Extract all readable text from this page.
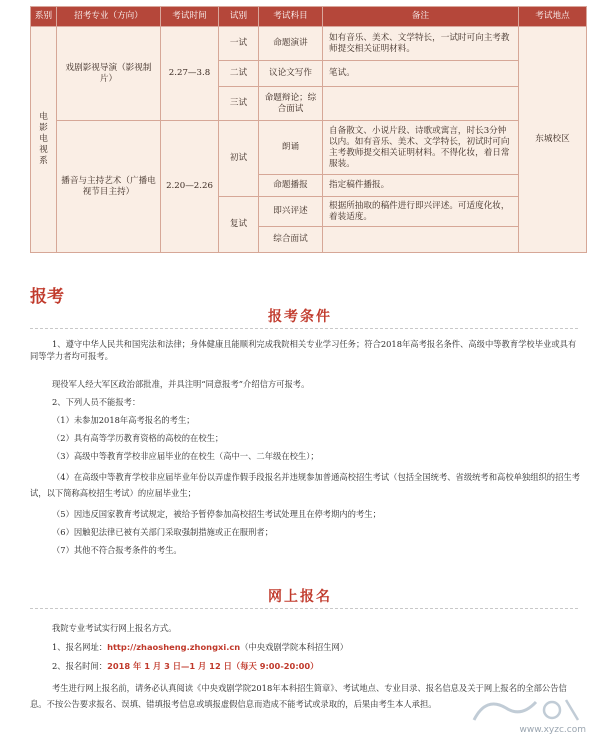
系别	招考专业（方向）	考试时间	试别	考试科目	备注	考试地点
电影电视系	戏剧影视导演（影视制片）	2.27—3.8	一试	命题演讲	如有音乐、美术、文学特长，一试时可向主考教师提交相关证明材料。	东城校区
			二试	议论文写作	笔试。	
			三试	命题辩论；综合面试		
	播音与主持艺术（广播电视节目主持）	2.20—2.26	初试	朗诵	自备散文、小说片段、诗歌或寓言，时长3分钟以内。如有音乐、美术、文学特长，初试时可向主考教师提交相关证明材料。不得化妆，着日常服装。	
				命题播报	指定稿件播报。	
			复试	即兴评述	根据所抽取的稿件进行即兴评述。可适度化妆，着装适度。	
				综合面试		
报考
报考条件
1、遵守中华人民共和国宪法和法律；身体健康且能顺利完成我院相关专业学习任务；符合2018年高考报名条件、高级中等教育学校毕业或具有同等学力者均可报考。
现役军人经大军区政治部批准，并具注明“同意报考”介绍信方可报考。
2、下列人员不能报考：
（1）未参加2018年高考报名的考生；
（2）具有高等学历教育资格的高校的在校生；
（3）高级中等教育学校非应届毕业的在校生（高中一、二年级在校生）；
（4）在高级中等教育学校非应届毕业年份以弄虚作假手段报名并违规参加普通高校招生考试（包括全国统考、省级统考和高校单独组织的招生考试，以下简称高校招生考试）的应届毕业生；
（5）因违反国家教育考试规定，被给予暂停参加高校招生考试处理且在停考期内的考生；
（6）因触犯法律已被有关部门采取强制措施或正在服刑者；
（7）其他不符合报考条件的考生。
网上报名
我院专业考试实行网上报名方式。
1、报名网址：http://zhaosheng.zhongxi.cn（中央戏剧学院本科招生网）
2、报名时间：2018 年 1 月 3 日—1 月 12 日（每天 9:00-20:00）
考生进行网上报名前，请务必认真阅读《中央戏剧学院2018年本科招生简章》、考试地点、专业目录、报名信息及关于网上报名的全部公告信息。不按公告要求报名、误填、错填报考信息或填报虚假信息而造成不能考试或录取的，后果由考生本人承担。
www.xyzc.com
